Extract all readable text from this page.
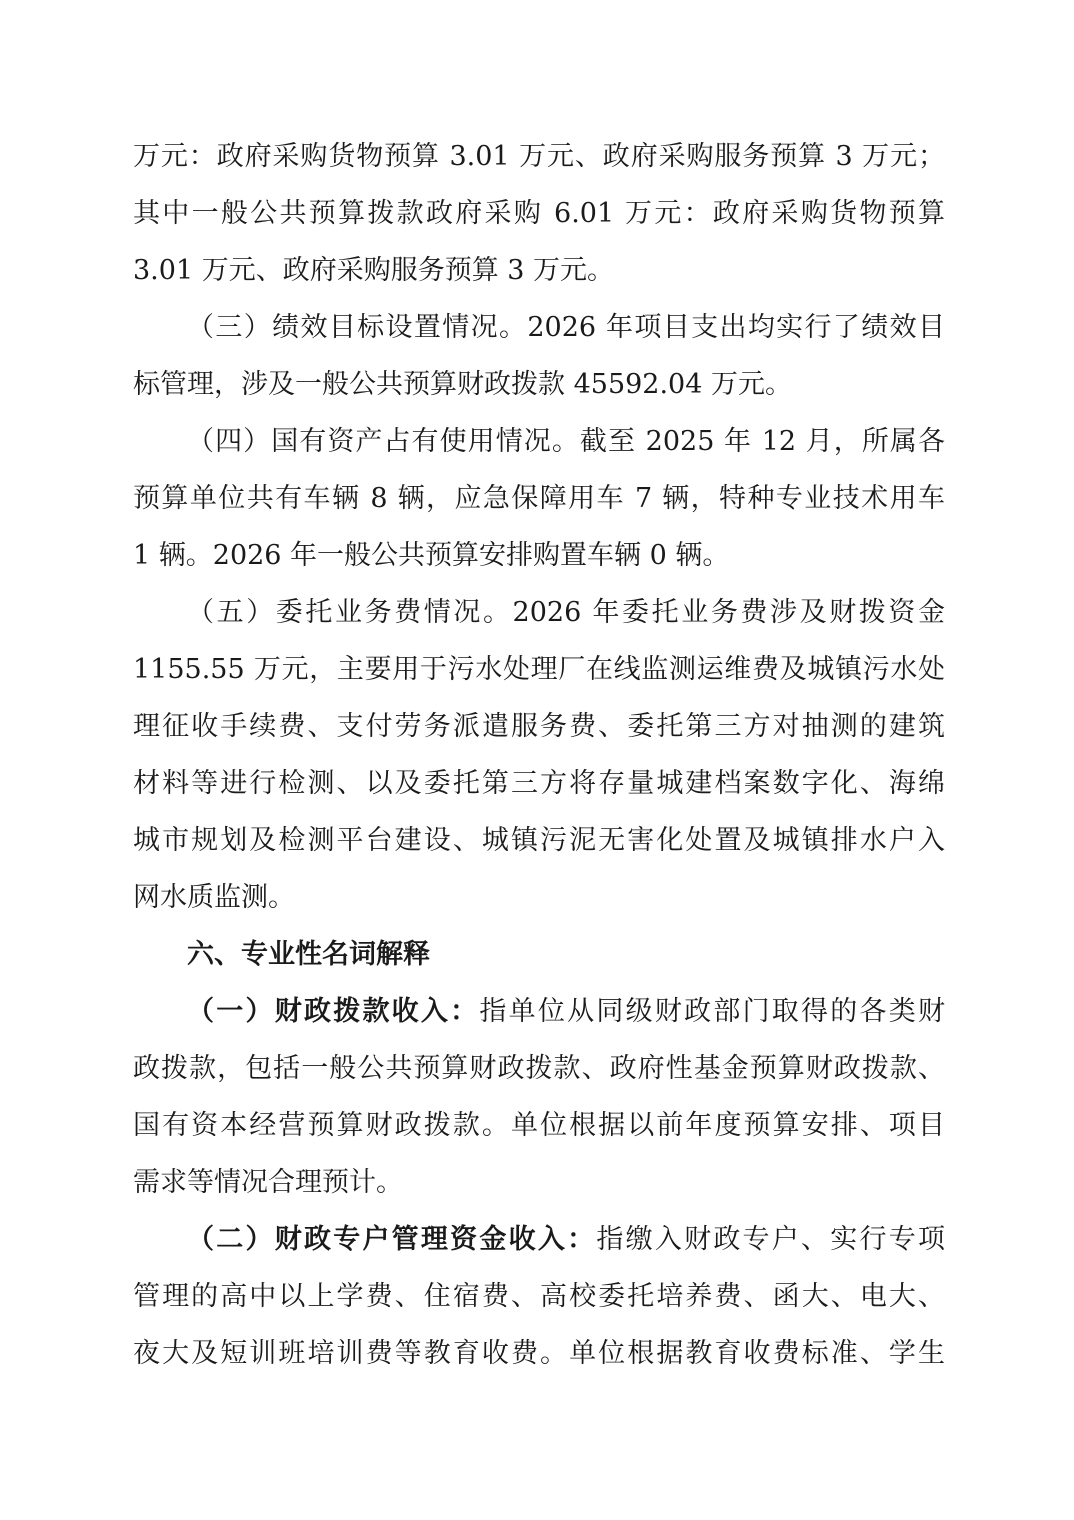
万元：政府采购货物预算 3.01 万元、政府采购服务预算 3 万元；
其中一般公共预算拨款政府采购 6.01 万元：政府采购货物预算
3.01 万元、政府采购服务预算 3 万元。
（三）绩效目标设置情况。2026 年项目支出均实行了绩效目
标管理，涉及一般公共预算财政拨款 45592.04 万元。
（四）国有资产占有使用情况。截至 2025 年 12 月，所属各
预算单位共有车辆 8 辆，应急保障用车 7 辆，特种专业技术用车
1 辆。2026 年一般公共预算安排购置车辆 0 辆。
（五）委托业务费情况。2026 年委托业务费涉及财拨资金
1155.55 万元，主要用于污水处理厂在线监测运维费及城镇污水处
理征收手续费、支付劳务派遣服务费、委托第三方对抽测的建筑
材料等进行检测、以及委托第三方将存量城建档案数字化、海绵
城市规划及检测平台建设、城镇污泥无害化处置及城镇排水户入
网水质监测。
六、专业性名词解释
（一）财政拨款收入：指单位从同级财政部门取得的各类财
政拨款，包括一般公共预算财政拨款、政府性基金预算财政拨款、
国有资本经营预算财政拨款。单位根据以前年度预算安排、项目
需求等情况合理预计。
（二）财政专户管理资金收入：指缴入财政专户、实行专项
管理的高中以上学费、住宿费、高校委托培养费、函大、电大、
夜大及短训班培训费等教育收费。单位根据教育收费标准、学生
